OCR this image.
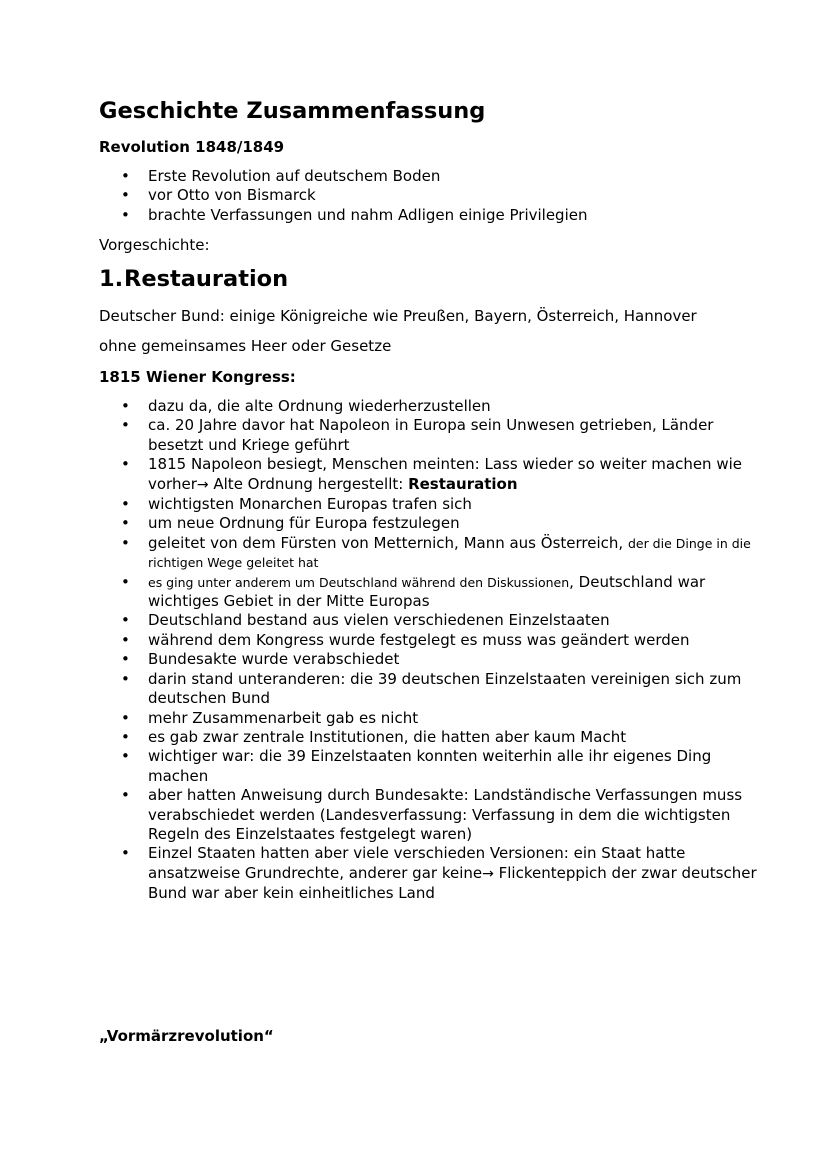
Geschichte Zusammenfassung
Revolution 1848/1849
• Erste Revolution auf deutschem Boden
• vor Otto von Bismarck
• brachte Verfassungen und nahm Adligen einige Privilegien
Vorgeschichte:
1.Restauration
Deutscher Bund: einige Königreiche wie Preußen, Bayern, Österreich, Hannover
ohne gemeinsames Heer oder Gesetze
1815 Wiener Kongress:
• dazu da, die alte Ordnung wiederherzustellen
• ca. 20 Jahre davor hat Napoleon in Europa sein Unwesen getrieben, Länder besetzt und Kriege geführt
• 1815 Napoleon besiegt, Menschen meinten: Lass wieder so weiter machen wie vorher→ Alte Ordnung hergestellt: Restauration
• wichtigsten Monarchen Europas trafen sich
• um neue Ordnung für Europa festzulegen
• geleitet von dem Fürsten von Metternich, Mann aus Österreich, der die Dinge in die richtigen Wege geleitet hat
• es ging unter anderem um Deutschland während den Diskussionen, Deutschland war wichtiges Gebiet in der Mitte Europas
• Deutschland bestand aus vielen verschiedenen Einzelstaaten
• während dem Kongress wurde festgelegt es muss was geändert werden
• Bundesakte wurde verabschiedet
• darin stand unteranderen: die 39 deutschen Einzelstaaten vereinigen sich zum deutschen Bund
• mehr Zusammenarbeit gab es nicht
• es gab zwar zentrale Institutionen, die hatten aber kaum Macht
• wichtiger war: die 39 Einzelstaaten konnten weiterhin alle ihr eigenes Ding machen
• aber hatten Anweisung durch Bundesakte: Landständische Verfassungen muss verabschiedet werden (Landesverfassung: Verfassung in dem die wichtigsten Regeln des Einzelstaates festgelegt waren)
• Einzel Staaten hatten aber viele verschieden Versionen: ein Staat hatte ansatzweise Grundrechte, anderer gar keine→ Flickenteppich der zwar deutscher Bund war aber kein einheitliches Land
„Vormärzrevolution“
